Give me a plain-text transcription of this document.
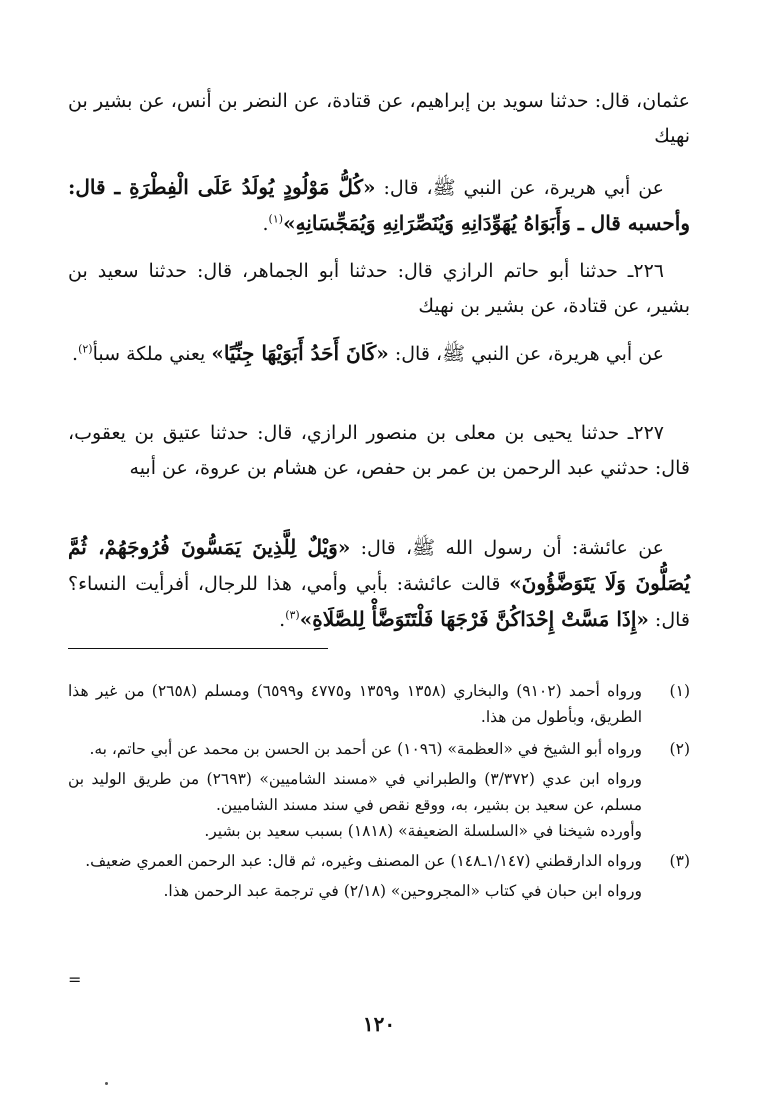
عثمان، قال: حدثنا سويد بن إبراهيم، عن قتادة، عن النضر بن أنس، عن بشير بن نهيك

عن أبي هريرة، عن النبي ﷺ، قال: «كُلُّ مَوْلُودٍ يُولَدُ عَلَى الْفِطْرَةِ ـ قال: وأحسبه قال ـ وَأَبَوَاهُ يُهَوِّدَانِهِ وَيُنَصِّرَانِهِ وَيُمَجِّسَانِهِ»$^{(١)}$.

٢٢٦ـ حدثنا أبو حاتم الرازي قال: حدثنا أبو الجماهر، قال: حدثنا سعيد بن بشير، عن قتادة، عن بشير بن نهيك

عن أبي هريرة، عن النبي ﷺ، قال: «كَانَ أَحَدُ أَبَوَيْهَا جِنِّيًا» يعني ملكة سبأ$^{(٢)}$.

٢٢٧ـ حدثنا يحيى بن معلى بن منصور الرازي، قال: حدثنا عتيق بن يعقوب، قال: حدثني عبد الرحمن بن عمر بن حفص، عن هشام بن عروة، عن أبيه

عن عائشة: أن رسول الله ﷺ، قال: «وَيْلٌ لِلَّذِينَ يَمَسُّونَ فُرُوجَهُمْ، ثُمَّ يُصَلُّونَ وَلَا يَتَوَضَّؤُونَ» قالت عائشة: بأبي وأمي، هذا للرجال، أفرأيت النساء؟ قال: «إِذَا مَسَّتْ إِحْدَاكُنَّ فَرْجَهَا فَلْتَتَوَضَّأْ لِلصَّلَاةِ»$^{(٣)}$.

(١)

ورواه أحمد (٩١٠٢) والبخاري (١٣٥٨ و١٣٥٩ و٤٧٧٥ و٦٥٩٩) ومسلم (٢٦٥٨) من غير هذا الطريق، وبأطول من هذا.

(٢)

ورواه أبو الشيخ في «العظمة» (١٠٩٦) عن أحمد بن الحسن بن محمد عن أبي حاتم، به.

ورواه ابن عدي (٣/٣٧٢) والطبراني في «مسند الشاميين» (٢٦٩٣) من طريق الوليد بن مسلم، عن سعيد بن بشير، به، ووقع نقص في سند مسند الشاميين.

وأورده شيخنا في «السلسلة الضعيفة» (١٨١٨) بسبب سعيد بن بشير.

(٣)

ورواه الدارقطني (١/١٤٧ـ١٤٨) عن المصنف وغيره، ثم قال: عبد الرحمن العمري ضعيف.

ورواه ابن حبان في كتاب «المجروحين» (٢/١٨) في ترجمة عبد الرحمن هذا.

=
١٢٠
